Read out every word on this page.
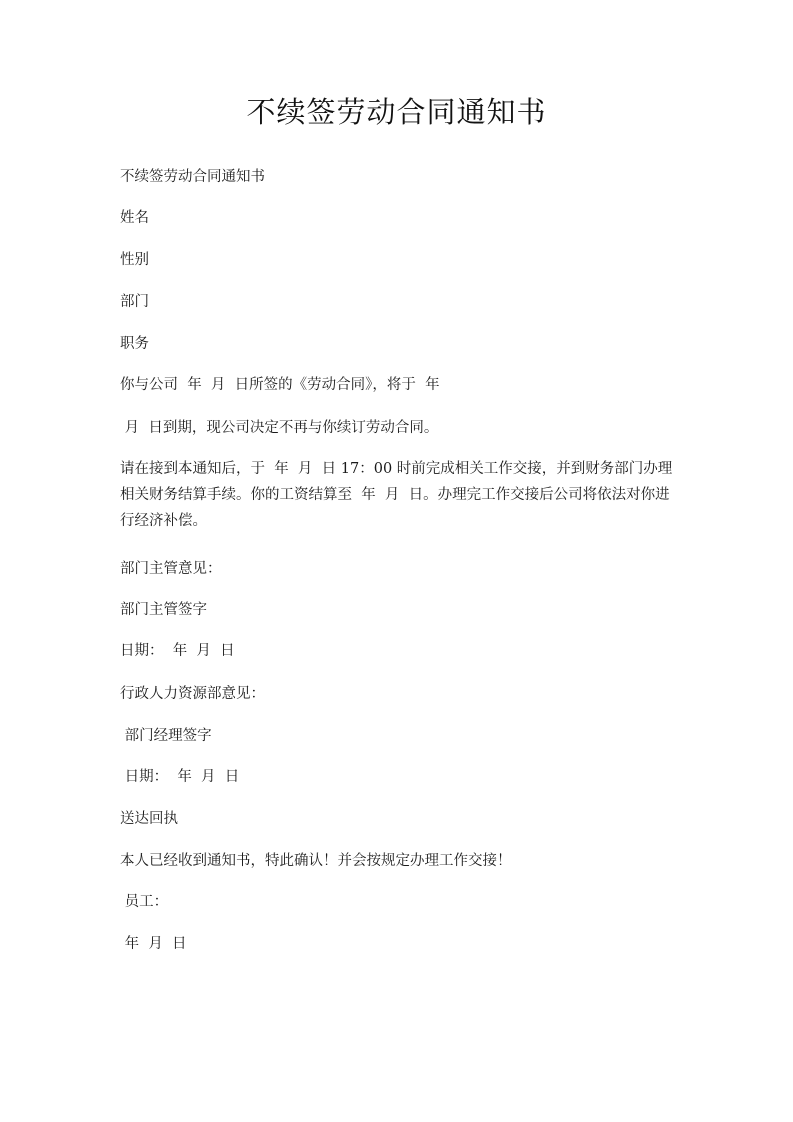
不续签劳动合同通知书
不续签劳动合同通知书
姓名
性别
部门
职务
你与公司  年  月  日所签的《劳动合同》，将于  年
月  日到期，现公司决定不再与你续订劳动合同。
请在接到本通知后，于  年  月  日 17：00 时前完成相关工作交接，并到财务部门办理
相关财务结算手续。你的工资结算至  年  月  日。办理完工作交接后公司将依法对你进
行经济补偿。
部门主管意见：
部门主管签字
日期：  年  月  日
行政人力资源部意见：
部门经理签字
日期：  年  月  日
送达回执
本人已经收到通知书，特此确认！并会按规定办理工作交接！
员工：
年  月  日
